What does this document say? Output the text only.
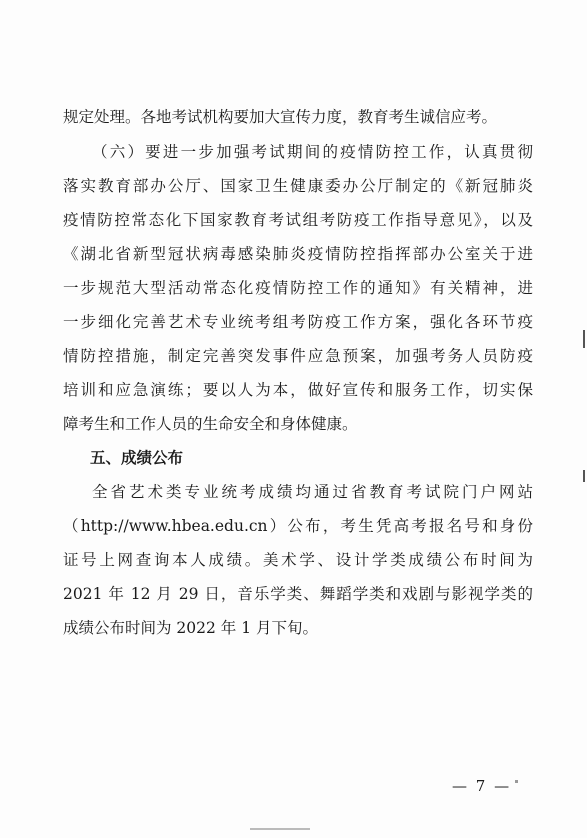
规定处理。各地考试机构要加大宣传力度，教育考生诚信应考。
（六）要进一步加强考试期间的疫情防控工作，认真贯彻
落实教育部办公厅、国家卫生健康委办公厅制定的《新冠肺炎
疫情防控常态化下国家教育考试组考防疫工作指导意见》，以及
《湖北省新型冠状病毒感染肺炎疫情防控指挥部办公室关于进
一步规范大型活动常态化疫情防控工作的通知》有关精神，进
一步细化完善艺术专业统考组考防疫工作方案，强化各环节疫
情防控措施，制定完善突发事件应急预案，加强考务人员防疫
培训和应急演练；要以人为本，做好宣传和服务工作，切实保
障考生和工作人员的生命安全和身体健康。
五、成绩公布
全省艺术类专业统考成绩均通过省教育考试院门户网站
（http://www.hbea.edu.cn）公布，考生凭高考报名号和身份
证号上网查询本人成绩。美术学、设计学类成绩公布时间为
2021 年 12 月 29 日，音乐学类、舞蹈学类和戏剧与影视学类的
成绩公布时间为 2022 年 1 月下旬。
— 7 —
